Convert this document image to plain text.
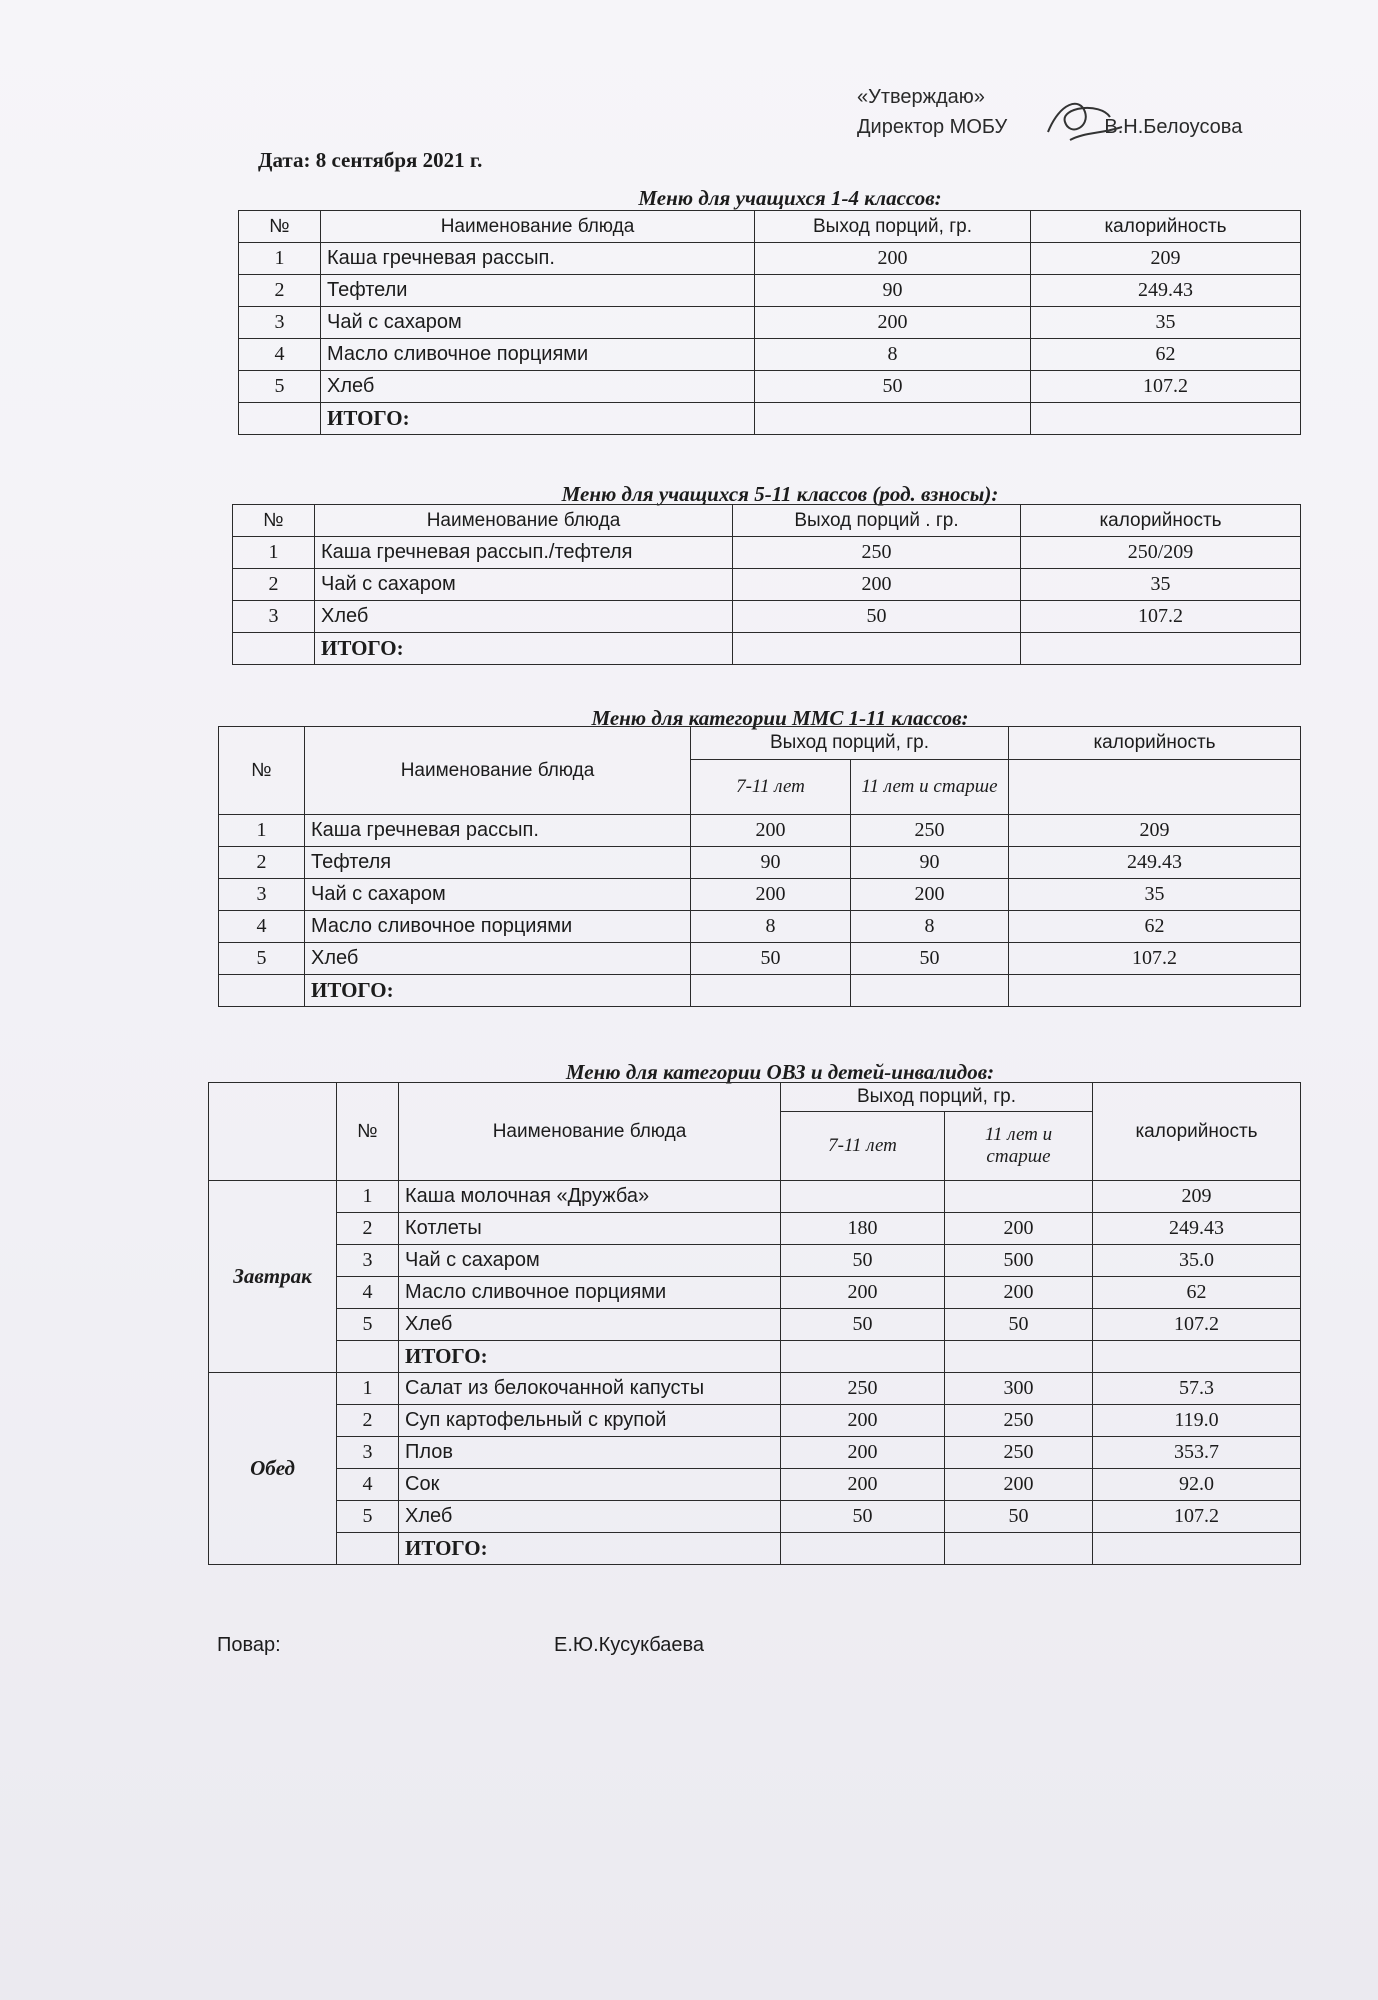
«Утверждаю»
Директор МОБУ	В.Н.Белоусова
Дата: 8 сентября 2021 г.
Меню для учащихся 1-4 классов:
№	Наименование блюда	Выход порций, гр.	калорийность
1	Каша гречневая рассып.	200	209
2	Тефтели	90	249.43
3	Чай с сахаром	200	35
4	Масло сливочное порциями	8	62
5	Хлеб	50	107.2
	ИТОГО:		
Меню для учащихся 5-11 классов (род. взносы):
№	Наименование блюда	Выход порций . гр.	калорийность
1	Каша гречневая рассып./тефтеля	250	250/209
2	Чай с сахаром	200	35
3	Хлеб	50	107.2
	ИТОГО:		
Меню для категории ММС 1-11 классов:
№	Наименование блюда	Выход порций, гр.		калорийность
		7-11 лет	11 лет и старше	
1	Каша гречневая рассып.	200	250	209
2	Тефтеля	90	90	249.43
3	Чай с сахаром	200	200	35
4	Масло сливочное порциями	8	8	62
5	Хлеб	50	50	107.2
	ИТОГО:			
Меню для категории ОВЗ и детей-инвалидов:
	№	Наименование блюда	Выход порций, гр.		калорийность
			7-11 лет	11 лет и старше	
Завтрак	1	Каша молочная «Дружба»			209
	2	Котлеты	180	200	249.43
	3	Чай с сахаром	50	500	35.0
	4	Масло сливочное порциями	200	200	62
	5	Хлеб	50	50	107.2
		ИТОГО:			
Обед	1	Салат из белокочанной капусты	250	300	57.3
	2	Суп картофельный с крупой	200	250	119.0
	3	Плов	200	250	353.7
	4	Сок	200	200	92.0
	5	Хлеб	50	50	107.2
		ИТОГО:			
Повар:	Е.Ю.Кусукбаева
